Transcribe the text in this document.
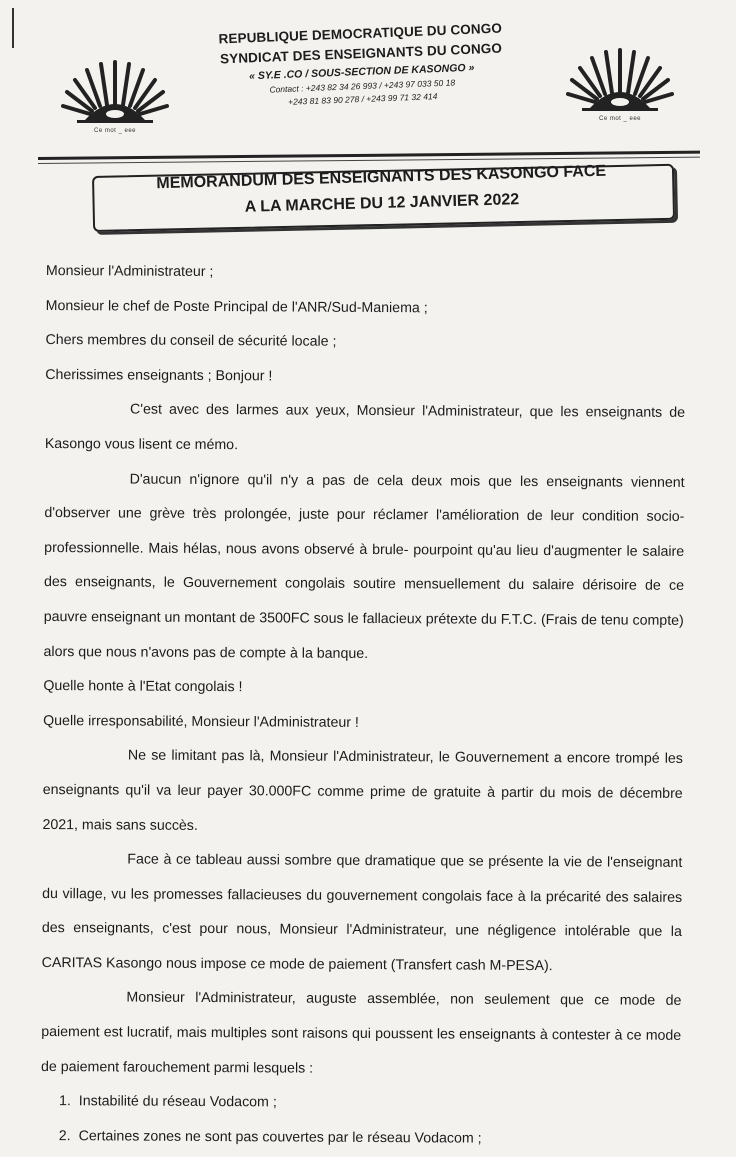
Ce mot _ eee
Ce mot _ eee
REPUBLIQUE DEMOCRATIQUE DU CONGO
SYNDICAT DES ENSEIGNANTS DU CONGO
« SY.E .CO / SOUS-SECTION DE KASONGO »
Contact : +243 82 34 26 993 / +243 97 033 50 18
+243 81 83 90 278 / +243 99 71 32 414
MEMORANDUM DES ENSEIGNANTS DES KASONGO FACE
A LA MARCHE DU 12 JANVIER 2022

Monsieur l'Administrateur ;

Monsieur le chef de Poste Principal de l'ANR/Sud-Maniema ;

Chers membres du conseil de sécurité locale ;

Cherissimes enseignants ; Bonjour !

C'est avec des larmes aux yeux, Monsieur l'Administrateur, que les enseignants de Kasongo vous lisent ce mémo.

D'aucun n'ignore qu'il n'y a pas de cela deux mois que les enseignants viennent d'observer une grève très prolongée, juste pour réclamer l'amélioration de leur condition socio-professionnelle. Mais hélas, nous avons observé à brule- pourpoint qu'au lieu d'augmenter le salaire des enseignants, le Gouvernement congolais soutire mensuellement du salaire dérisoire de ce pauvre enseignant un montant de 3500FC sous le fallacieux prétexte du F.T.C. (Frais de tenu compte) alors que nous n'avons pas de compte à la banque.

Quelle honte à l'Etat congolais !

Quelle irresponsabilité, Monsieur l'Administrateur !

Ne se limitant pas là, Monsieur l'Administrateur, le Gouvernement a encore trompé les enseignants qu'il va leur payer 30.000FC comme prime de gratuite à partir du mois de décembre 2021, mais sans succès.

Face à ce tableau aussi sombre que dramatique que se présente la vie de l'enseignant du village, vu les promesses fallacieuses du gouvernement congolais face à la précarité des salaires des enseignants, c'est pour nous, Monsieur l'Administrateur, une négligence intolérable que la CARITAS Kasongo nous impose ce mode de paiement (Transfert cash M-PESA).

Monsieur l'Administrateur, auguste assemblée, non seulement que ce mode de paiement est lucratif, mais multiples sont raisons qui poussent les enseignants à contester à ce mode de paiement farouchement parmi lesquels :

1. Instabilité du réseau Vodacom ;
2. Certaines zones ne sont pas couvertes par le réseau Vodacom ;
